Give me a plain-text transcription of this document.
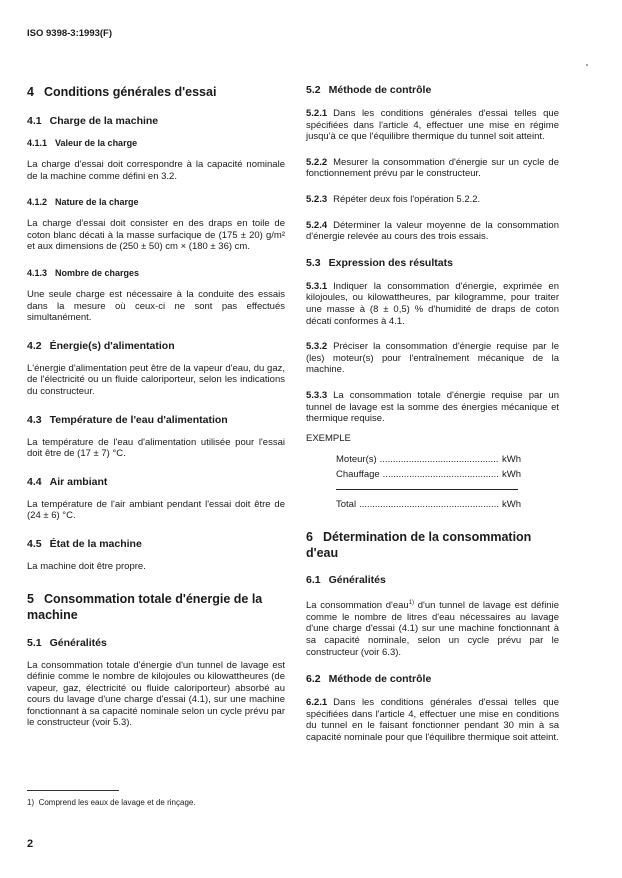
ISO 9398-3:1993(F)
4 Conditions générales d'essai
4.1 Charge de la machine
4.1.1 Valeur de la charge

La charge d'essai doit correspondre à la capacité nominale de la machine comme défini en 3.2.

4.1.2 Nature de la charge

La charge d'essai doit consister en des draps en toile de coton blanc décati à la masse surfacique de (175 ± 20) g/m² et aux dimensions de (250 ± 50) cm × (180 ± 36) cm.

4.1.3 Nombre de charges

Une seule charge est nécessaire à la conduite des essais dans la mesure où ceux-ci ne sont pas effectués simultanément.

4.2 Énergie(s) d'alimentation

L'énergie d'alimentation peut être de la vapeur d'eau, du gaz, de l'électricité ou un fluide caloriporteur, selon les indications du constructeur.

4.3 Température de l'eau d'alimentation

La température de l'eau d'alimentation utilisée pour l'essai doit être de (17 ± 7) °C.

4.4 Air ambiant

La température de l'air ambiant pendant l'essai doit être de (24 ± 6) °C.

4.5 État de la machine

La machine doit être propre.

5 Consommation totale d'énergie de la machine
5.1 Généralités

La consommation totale d'énergie d'un tunnel de lavage est définie comme le nombre de kilojoules ou kilowattheures (de vapeur, gaz, électricité ou fluide caloriporteur) absorbé au cours du lavage d'une charge d'essai (4.1), sur une machine fonctionnant à sa capacité nominale selon un cycle prévu par le constructeur (voir 5.3).

5.2 Méthode de contrôle

5.2.1 Dans les conditions générales d'essai telles que spécifiées dans l'article 4, effectuer une mise en régime jusqu'à ce que l'équilibre thermique du tunnel soit atteint.

5.2.2 Mesurer la consommation d'énergie sur un cycle de fonctionnement prévu par le constructeur.

5.2.3 Répéter deux fois l'opération 5.2.2.

5.2.4 Déterminer la valeur moyenne de la consommation d'énergie relevée au cours des trois essais.

5.3 Expression des résultats

5.3.1 Indiquer la consommation d'énergie, exprimée en kilojoules, ou kilowattheures, par kilogramme, pour traiter une masse à (8 ± 0,5) % d'humidité de draps de coton décati conformes à 4.1.

5.3.2 Préciser la consommation d'énergie requise par le (les) moteur(s) pour l'entraînement mécanique de la machine.

5.3.3 La consommation totale d'énergie requise par un tunnel de lavage est la somme des énergies mécanique et thermique requise.

EXEMPLE

Moteur(s) .....	kWh
Chauffage .....	kWh
Total .....	kWh
6 Détermination de la consommation d'eau
6.1 Généralités

La consommation d'eau$^{1)}$ d'un tunnel de lavage est définie comme le nombre de litres d'eau nécessaires au lavage d'une charge d'essai (4.1) sur une machine fonctionnant à sa capacité nominale, selon un cycle prévu par le constructeur (voir 6.3).

6.2 Méthode de contrôle

6.2.1 Dans les conditions générales d'essai telles que spécifiées dans l'article 4, effectuer une mise en conditions du tunnel en le faisant fonctionner pendant 30 min à sa capacité nominale pour que l'équilibre thermique soit atteint.

1) Comprend les eaux de lavage et de rinçage.
2
